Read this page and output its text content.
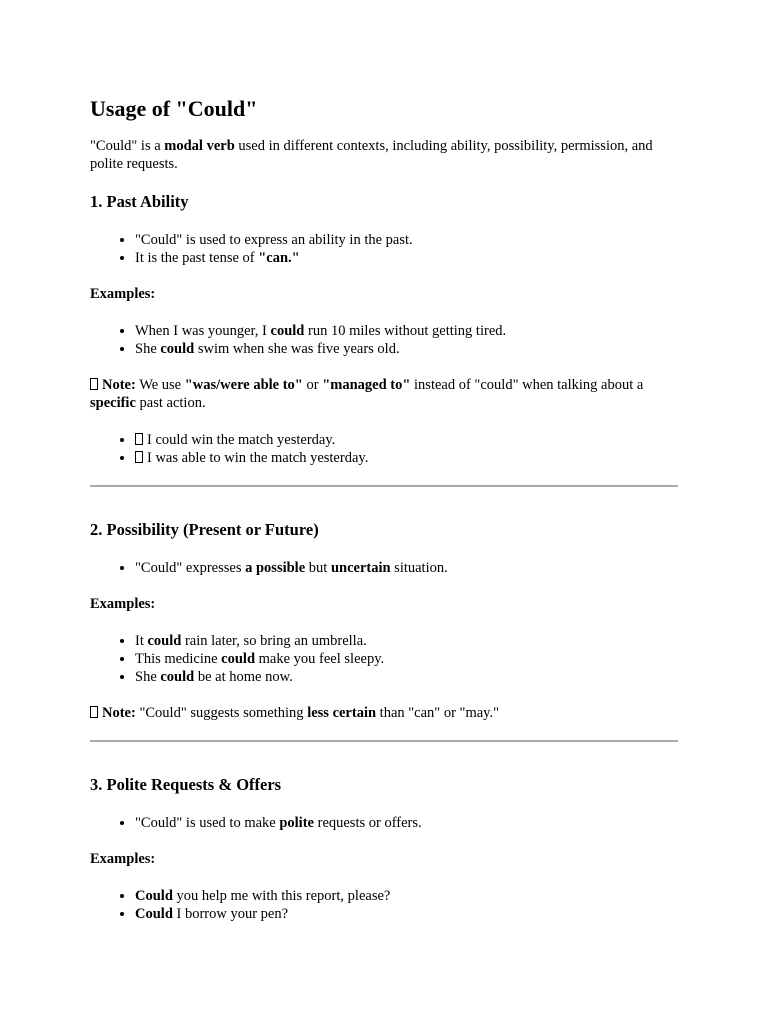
Usage of "Could"

"Could" is a modal verb used in different contexts, including ability, possibility, permission, and polite requests.

1. Past Ability
• "Could" is used to express an ability in the past.
• It is the past tense of "can."

Examples:

• When I was younger, I could run 10 miles without getting tired.
• She could swim when she was five years old.

Note: We use "was/were able to" or "managed to" instead of "could" when talking about a specific past action.

• I could win the match yesterday.
• I was able to win the match yesterday.
2. Possibility (Present or Future)
• "Could" expresses a possible but uncertain situation.

Examples:

• It could rain later, so bring an umbrella.
• This medicine could make you feel sleepy.
• She could be at home now.

Note: "Could" suggests something less certain than "can" or "may."

3. Polite Requests & Offers
• "Could" is used to make polite requests or offers.

Examples:

• Could you help me with this report, please?
• Could I borrow your pen?
